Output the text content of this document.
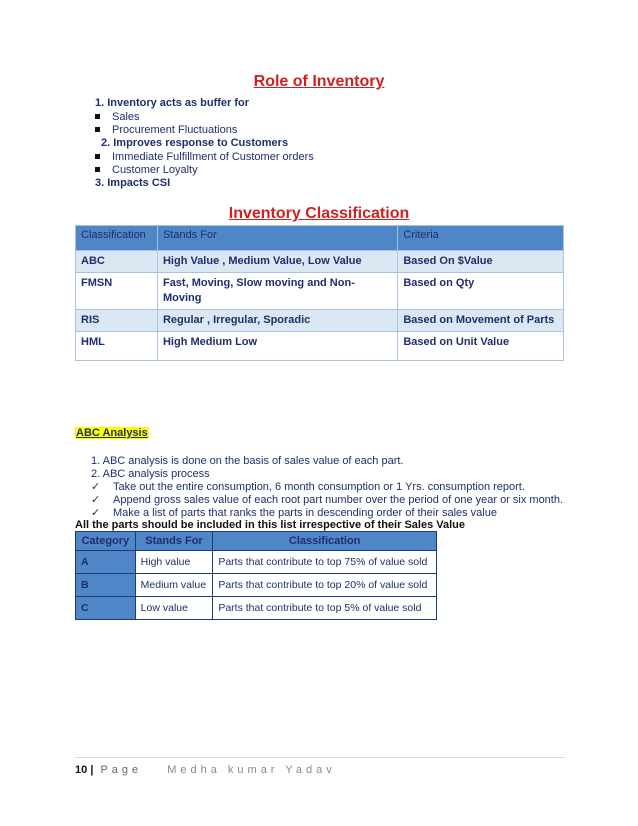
Role of Inventory
1. Inventory acts as buffer for
Sales
Procurement Fluctuations
2. Improves response to Customers
Immediate Fulfillment of Customer orders
Customer Loyalty
3. Impacts CSI
Inventory Classification
Classification	Stands For	Criteria
ABC	High Value , Medium Value, Low Value	Based On $Value
FMSN	Fast, Moving, Slow moving and Non-Moving	Based on Qty
RIS	Regular , Irregular, Sporadic	Based on Movement of Parts
HML	High Medium Low	Based on Unit Value
ABC Analysis
1. ABC analysis is done on the basis of sales value of each part.
2. ABC analysis process
✓ Take out the entire consumption, 6 month consumption or 1 Yrs. consumption report.
✓ Append gross sales value of each root part number over the period of one year or six month.
✓ Make a list of parts that ranks the parts in descending order of their sales value
All the parts should be included in this list irrespective of their Sales Value
Category	Stands For	Classification
A	High value	Parts that contribute to top 75% of value sold
B	Medium value	Parts that contribute to top 20% of value sold
C	Low value	Parts that contribute to top 5% of value sold
10 | Page Medha kumar Yadav
